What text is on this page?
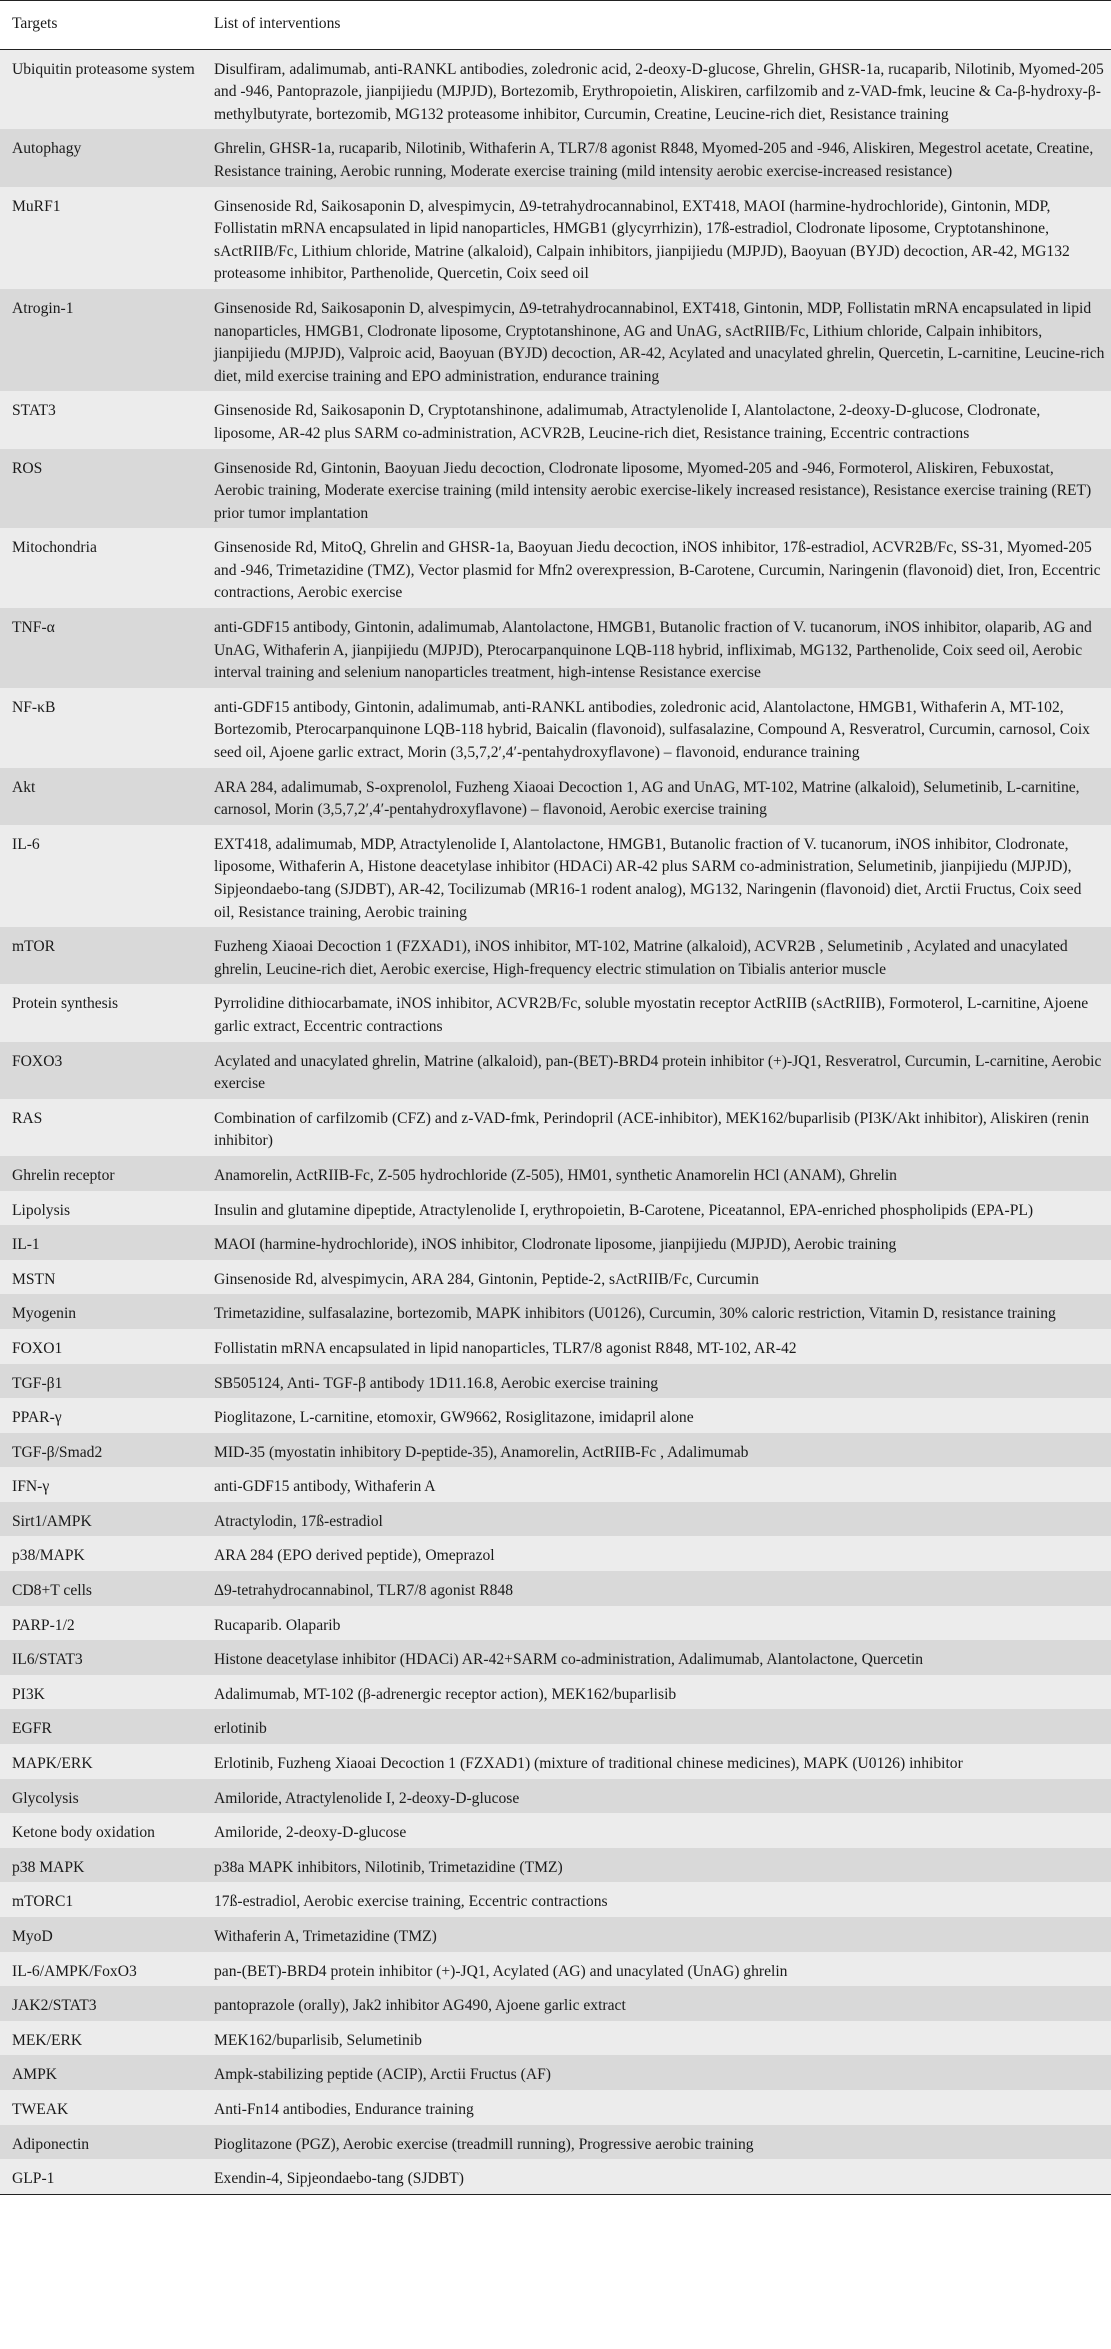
Targets	List of interventions
Ubiquitin proteasome system	Disulfiram, adalimumab, anti-RANKL antibodies, zoledronic acid, 2-deoxy-D-glucose, Ghrelin, GHSR-1a, rucaparib, Nilotinib, Myomed-205 and -946, Pantoprazole, jianpijiedu (MJPJD), Bortezomib, Erythropoietin, Aliskiren, carfilzomib and z-VAD-fmk, leucine & Ca-β-hydroxy-β-methylbutyrate, bortezomib, MG132 proteasome inhibitor, Curcumin, Creatine, Leucine-rich diet, Resistance training
Autophagy	Ghrelin, GHSR-1a, rucaparib, Nilotinib, Withaferin A, TLR7/8 agonist R848, Myomed-205 and -946, Aliskiren, Megestrol acetate, Creatine, Resistance training, Aerobic running, Moderate exercise training (mild intensity aerobic exercise-increased resistance)
MuRF1	Ginsenoside Rd, Saikosaponin D, alvespimycin, Δ9-tetrahydrocannabinol, EXT418, MAOI (harmine-hydrochloride), Gintonin, MDP, Follistatin mRNA encapsulated in lipid nanoparticles, HMGB1 (glycyrrhizin), 17ß-estradiol, Clodronate liposome, Cryptotanshinone, sActRIIB/Fc, Lithium chloride, Matrine (alkaloid), Calpain inhibitors, jianpijiedu (MJPJD), Baoyuan (BYJD) decoction, AR-42, MG132 proteasome inhibitor, Parthenolide, Quercetin, Coix seed oil
Atrogin-1	Ginsenoside Rd, Saikosaponin D, alvespimycin, Δ9-tetrahydrocannabinol, EXT418, Gintonin, MDP, Follistatin mRNA encapsulated in lipid nanoparticles, HMGB1, Clodronate liposome, Cryptotanshinone, AG and UnAG, sActRIIB/Fc, Lithium chloride, Calpain inhibitors, jianpijiedu (MJPJD), Valproic acid, Baoyuan (BYJD) decoction, AR-42, Acylated and unacylated ghrelin, Quercetin, L-carnitine, Leucine-rich diet, mild exercise training and EPO administration, endurance training
STAT3	Ginsenoside Rd, Saikosaponin D, Cryptotanshinone, adalimumab, Atractylenolide I, Alantolactone, 2-deoxy-D-glucose, Clodronate, liposome, AR-42 plus SARM co-administration, ACVR2B, Leucine-rich diet, Resistance training, Eccentric contractions
ROS	Ginsenoside Rd, Gintonin, Baoyuan Jiedu decoction, Clodronate liposome, Myomed-205 and -946, Formoterol, Aliskiren, Febuxostat, Aerobic training, Moderate exercise training (mild intensity aerobic exercise-likely increased resistance), Resistance exercise training (RET) prior tumor implantation
Mitochondria	Ginsenoside Rd, MitoQ, Ghrelin and GHSR-1a, Baoyuan Jiedu decoction, iNOS inhibitor, 17ß-estradiol, ACVR2B/Fc, SS-31, Myomed-205 and -946, Trimetazidine (TMZ), Vector plasmid for Mfn2 overexpression, B-Carotene, Curcumin, Naringenin (flavonoid) diet, Iron, Eccentric contractions, Aerobic exercise
TNF-α	anti-GDF15 antibody, Gintonin, adalimumab, Alantolactone, HMGB1, Butanolic fraction of V. tucanorum, iNOS inhibitor, olaparib, AG and UnAG, Withaferin A, jianpijiedu (MJPJD), Pterocarpanquinone LQB-118 hybrid, infliximab, MG132, Parthenolide, Coix seed oil, Aerobic interval training and selenium nanoparticles treatment, high-intense Resistance exercise
NF-κB	anti-GDF15 antibody, Gintonin, adalimumab, anti-RANKL antibodies, zoledronic acid, Alantolactone, HMGB1, Withaferin A, MT-102, Bortezomib, Pterocarpanquinone LQB-118 hybrid, Baicalin (flavonoid), sulfasalazine, Compound A, Resveratrol, Curcumin, carnosol, Coix seed oil, Ajoene garlic extract, Morin (3,5,7,2′,4′-pentahydroxyflavone) – flavonoid, endurance training
Akt	ARA 284, adalimumab, S-oxprenolol, Fuzheng Xiaoai Decoction 1, AG and UnAG, MT-102, Matrine (alkaloid), Selumetinib, L-carnitine, carnosol, Morin (3,5,7,2′,4′-pentahydroxyflavone) – flavonoid, Aerobic exercise training
IL-6	EXT418, adalimumab, MDP, Atractylenolide I, Alantolactone, HMGB1, Butanolic fraction of V. tucanorum, iNOS inhibitor, Clodronate, liposome, Withaferin A, Histone deacetylase inhibitor (HDACi) AR-42 plus SARM co-administration, Selumetinib, jianpijiedu (MJPJD), Sipjeondaebo-tang (SJDBT), AR-42, Tocilizumab (MR16-1 rodent analog), MG132, Naringenin (flavonoid) diet, Arctii Fructus, Coix seed oil, Resistance training, Aerobic training
mTOR	Fuzheng Xiaoai Decoction 1 (FZXAD1), iNOS inhibitor, MT-102, Matrine (alkaloid), ACVR2B , Selumetinib , Acylated and unacylated ghrelin, Leucine-rich diet, Aerobic exercise, High-frequency electric stimulation on Tibialis anterior muscle
Protein synthesis	Pyrrolidine dithiocarbamate, iNOS inhibitor, ACVR2B/Fc, soluble myostatin receptor ActRIIB (sActRIIB), Formoterol, L-carnitine, Ajoene garlic extract, Eccentric contractions
FOXO3	Acylated and unacylated ghrelin, Matrine (alkaloid), pan-(BET)-BRD4 protein inhibitor (+)-JQ1, Resveratrol, Curcumin, L-carnitine, Aerobic exercise
RAS	Combination of carfilzomib (CFZ) and z-VAD-fmk, Perindopril (ACE-inhibitor), MEK162/buparlisib (PI3K/Akt inhibitor), Aliskiren (renin inhibitor)
Ghrelin receptor	Anamorelin, ActRIIB-Fc, Z-505 hydrochloride (Z-505), HM01, synthetic Anamorelin HCl (ANAM), Ghrelin
Lipolysis	Insulin and glutamine dipeptide, Atractylenolide I, erythropoietin, B-Carotene, Piceatannol, EPA-enriched phospholipids (EPA-PL)
IL-1	MAOI (harmine-hydrochloride), iNOS inhibitor, Clodronate liposome, jianpijiedu (MJPJD), Aerobic training
MSTN	Ginsenoside Rd, alvespimycin, ARA 284, Gintonin, Peptide-2, sActRIIB/Fc, Curcumin
Myogenin	Trimetazidine, sulfasalazine, bortezomib, MAPK inhibitors (U0126), Curcumin, 30% caloric restriction, Vitamin D, resistance training
FOXO1	Follistatin mRNA encapsulated in lipid nanoparticles, TLR7/8 agonist R848, MT-102, AR-42
TGF-β1	SB505124, Anti- TGF-β antibody 1D11.16.8, Aerobic exercise training
PPAR-γ	Pioglitazone, L-carnitine, etomoxir, GW9662, Rosiglitazone, imidapril alone
TGF-β/Smad2	MID-35 (myostatin inhibitory D-peptide-35), Anamorelin, ActRIIB-Fc , Adalimumab
IFN-γ	anti-GDF15 antibody, Withaferin A
Sirt1/AMPK	Atractylodin, 17ß-estradiol
p38/MAPK	ARA 284 (EPO derived peptide), Omeprazol
CD8+T cells	Δ9-tetrahydrocannabinol, TLR7/8 agonist R848
PARP-1/2	Rucaparib. Olaparib
IL6/STAT3	Histone deacetylase inhibitor (HDACi) AR-42+SARM co-administration, Adalimumab, Alantolactone, Quercetin
PI3K	Adalimumab, MT-102 (β-adrenergic receptor action), MEK162/buparlisib
EGFR	erlotinib
MAPK/ERK	Erlotinib, Fuzheng Xiaoai Decoction 1 (FZXAD1) (mixture of traditional chinese medicines), MAPK (U0126) inhibitor
Glycolysis	Amiloride, Atractylenolide I, 2-deoxy-D-glucose
Ketone body oxidation	Amiloride, 2-deoxy-D-glucose
p38 MAPK	p38a MAPK inhibitors, Nilotinib, Trimetazidine (TMZ)
mTORC1	17ß-estradiol, Aerobic exercise training, Eccentric contractions
MyoD	Withaferin A, Trimetazidine (TMZ)
IL-6/AMPK/FoxO3	pan-(BET)-BRD4 protein inhibitor (+)-JQ1, Acylated (AG) and unacylated (UnAG) ghrelin
JAK2/STAT3	pantoprazole (orally), Jak2 inhibitor AG490, Ajoene garlic extract
MEK/ERK	MEK162/buparlisib, Selumetinib
AMPK	Ampk-stabilizing peptide (ACIP), Arctii Fructus (AF)
TWEAK	Anti-Fn14 antibodies, Endurance training
Adiponectin	Pioglitazone (PGZ), Aerobic exercise (treadmill running), Progressive aerobic training
GLP-1	Exendin-4, Sipjeondaebo-tang (SJDBT)
